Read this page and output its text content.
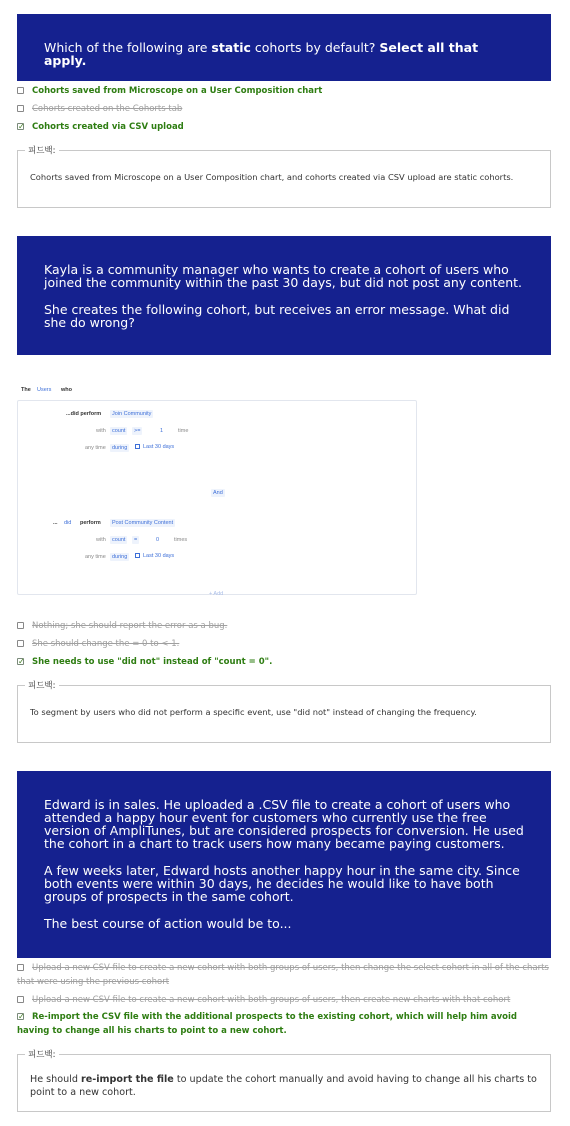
Which of the following are static cohorts by default? Select all that apply.

Cohorts saved from Microscope on a User Composition chart
Cohorts created on the Cohorts tab
✓
Cohorts created via CSV upload
피드백:
Cohorts saved from Microscope on a User Composition chart, and cohorts created via CSV upload are static cohorts.

Kayla is a community manager who wants to create a cohort of users who joined the community within the past 30 days, but did not post any content.

She creates the following cohort, but receives an error message. What did she do wrong?

The Users who
...did perform	Join Community
with	count	>=	1	time
any time	during	Last 30 days
And
... did perform	Post Community Content
with	count	=	0	times
any time	during	Last 30 days
+ Add
Nothing; she should report the error as a bug.
She should change the = 0 to < 1.
✓
She needs to use "did not" instead of "count = 0".
피드백:
To segment by users who did not perform a specific event, use "did not" instead of changing the frequency.

Edward is in sales. He uploaded a .CSV file to create a cohort of users who attended a happy hour event for customers who currently use the free version of AmpliTunes, but are considered prospects for conversion. He used the cohort in a chart to track users how many became paying customers.

A few weeks later, Edward hosts another happy hour in the same city. Since both events were within 30 days, he decides he would like to have both groups of prospects in the same cohort.

The best course of action would be to...

Upload a new CSV file to create a new cohort with both groups of users, then change the select cohort in all of the charts that were using the previous cohort
Upload a new CSV file to create a new cohort with both groups of users, then create new charts with that cohort
✓
Re-import the CSV file with the additional prospects to the existing cohort, which will help him avoid having to change all his charts to point to a new cohort.
피드백:
He should re-import the file to update the cohort manually and avoid having to change all his charts to point to a new cohort.
